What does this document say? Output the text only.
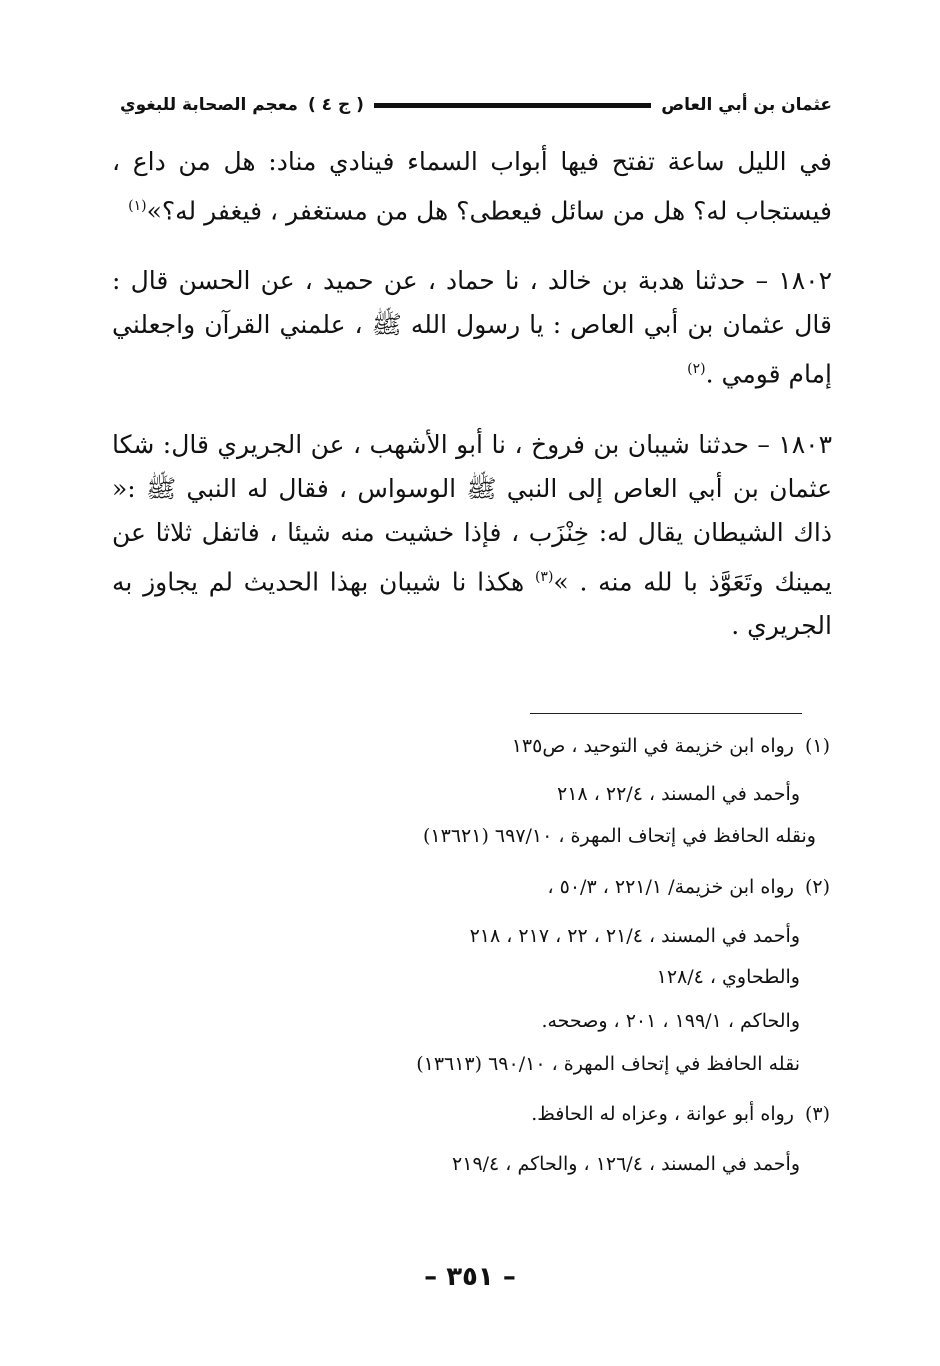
عثمان بن أبي العاص
( ج ٤ )
معجم الصحابة للبغوي

في الليل ساعة تفتح فيها أبواب السماء فينادي مناد: هل من داع ، فيستجاب له؟ هل من سائل فيعطى؟ هل من مستغفر ، فيغفر له؟»$^{(١)}$

١٨٠٢ – حدثنا هدبة بن خالد ، نا حماد ، عن حميد ، عن الحسن قال : قال عثمان بن أبي العاص : يا رسول الله ﷺ ، علمني القرآن واجعلني إمام قومي .$^{(٢)}$

١٨٠٣ – حدثنا شيبان بن فروخ ، نا أبو الأشهب ، عن الجريري قال: شكا عثمان بن أبي العاص إلى النبي ﷺ الوسواس ، فقال له النبي ﷺ :« ذاك الشيطان يقال له: خِنْزَب ، فإذا خشيت منه شيئا ، فاتفل ثلاثا عن يمينك وتَعَوَّذ با لله منه . »$^{(٣)}$ هكذا نا شيبان بهذا الحديث لم يجاوز به الجريري .

(١) رواه ابن خزيمة في التوحيد ، ص١٣٥

وأحمد في المسند ، ٢٢/٤ ، ٢١٨

ونقله الحافظ في إتحاف المهرة ، ٦٩٧/١٠ (١٣٦٢١)

(٢) رواه ابن خزيمة/ ٢٢١/١ ، ٥٠/٣ ،

وأحمد في المسند ، ٢١/٤ ، ٢٢ ، ٢١٧ ، ٢١٨

والطحاوي ، ١٢٨/٤

والحاكم ، ١٩٩/١ ، ٢٠١ ، وصححه.

نقله الحافظ في إتحاف المهرة ، ٦٩٠/١٠ (١٣٦١٣)

(٣) رواه أبو عوانة ، وعزاه له الحافظ.

وأحمد في المسند ، ١٢٦/٤ ، والحاكم ، ٢١٩/٤

– ٣٥١ –
